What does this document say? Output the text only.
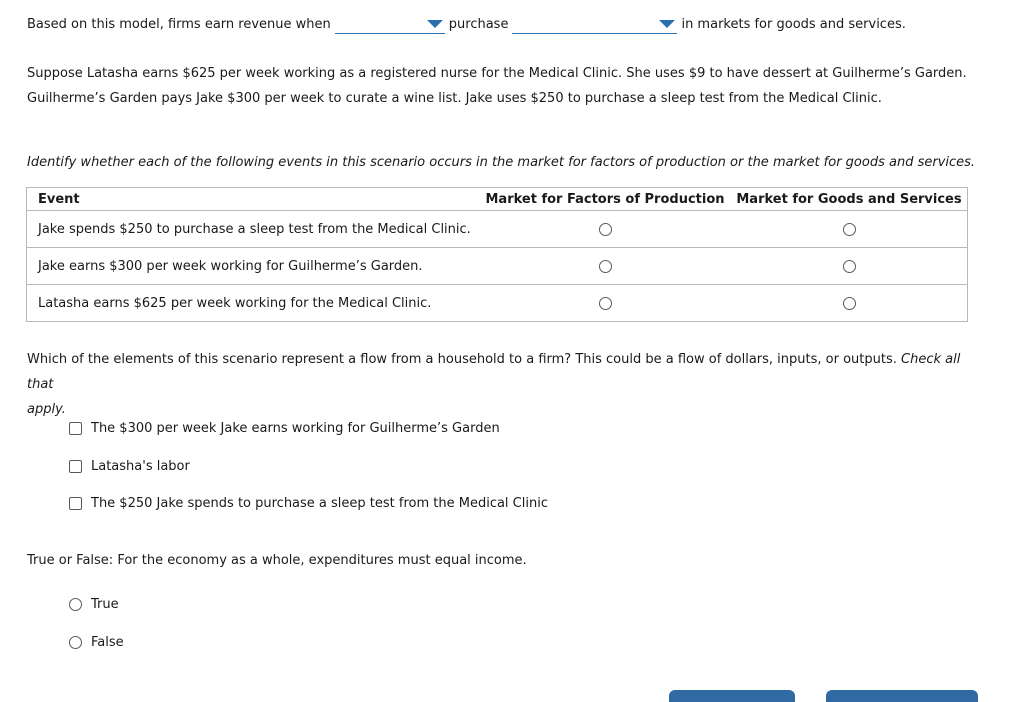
Based on this model, firms earn revenue when	purchase	in markets for goods and services.
Suppose Latasha earns $625 per week working as a registered nurse for the Medical Clinic. She uses $9 to have dessert at Guilherme’s Garden.
Guilherme’s Garden pays Jake $300 per week to curate a wine list. Jake uses $250 to purchase a sleep test from the Medical Clinic.
Identify whether each of the following events in this scenario occurs in the market for factors of production or the market for goods and services.
Event	Market for Factors of Production	Market for Goods and Services
Jake spends $250 to purchase a sleep test from the Medical Clinic.		
Jake earns $300 per week working for Guilherme’s Garden.		
Latasha earns $625 per week working for the Medical Clinic.		
Which of the elements of this scenario represent a flow from a household to a firm? This could be a flow of dollars, inputs, or outputs. Check all that
apply.
The $300 per week Jake earns working for Guilherme’s Garden
Latasha's labor
The $250 Jake spends to purchase a sleep test from the Medical Clinic
True or False: For the economy as a whole, expenditures must equal income.
True
False
